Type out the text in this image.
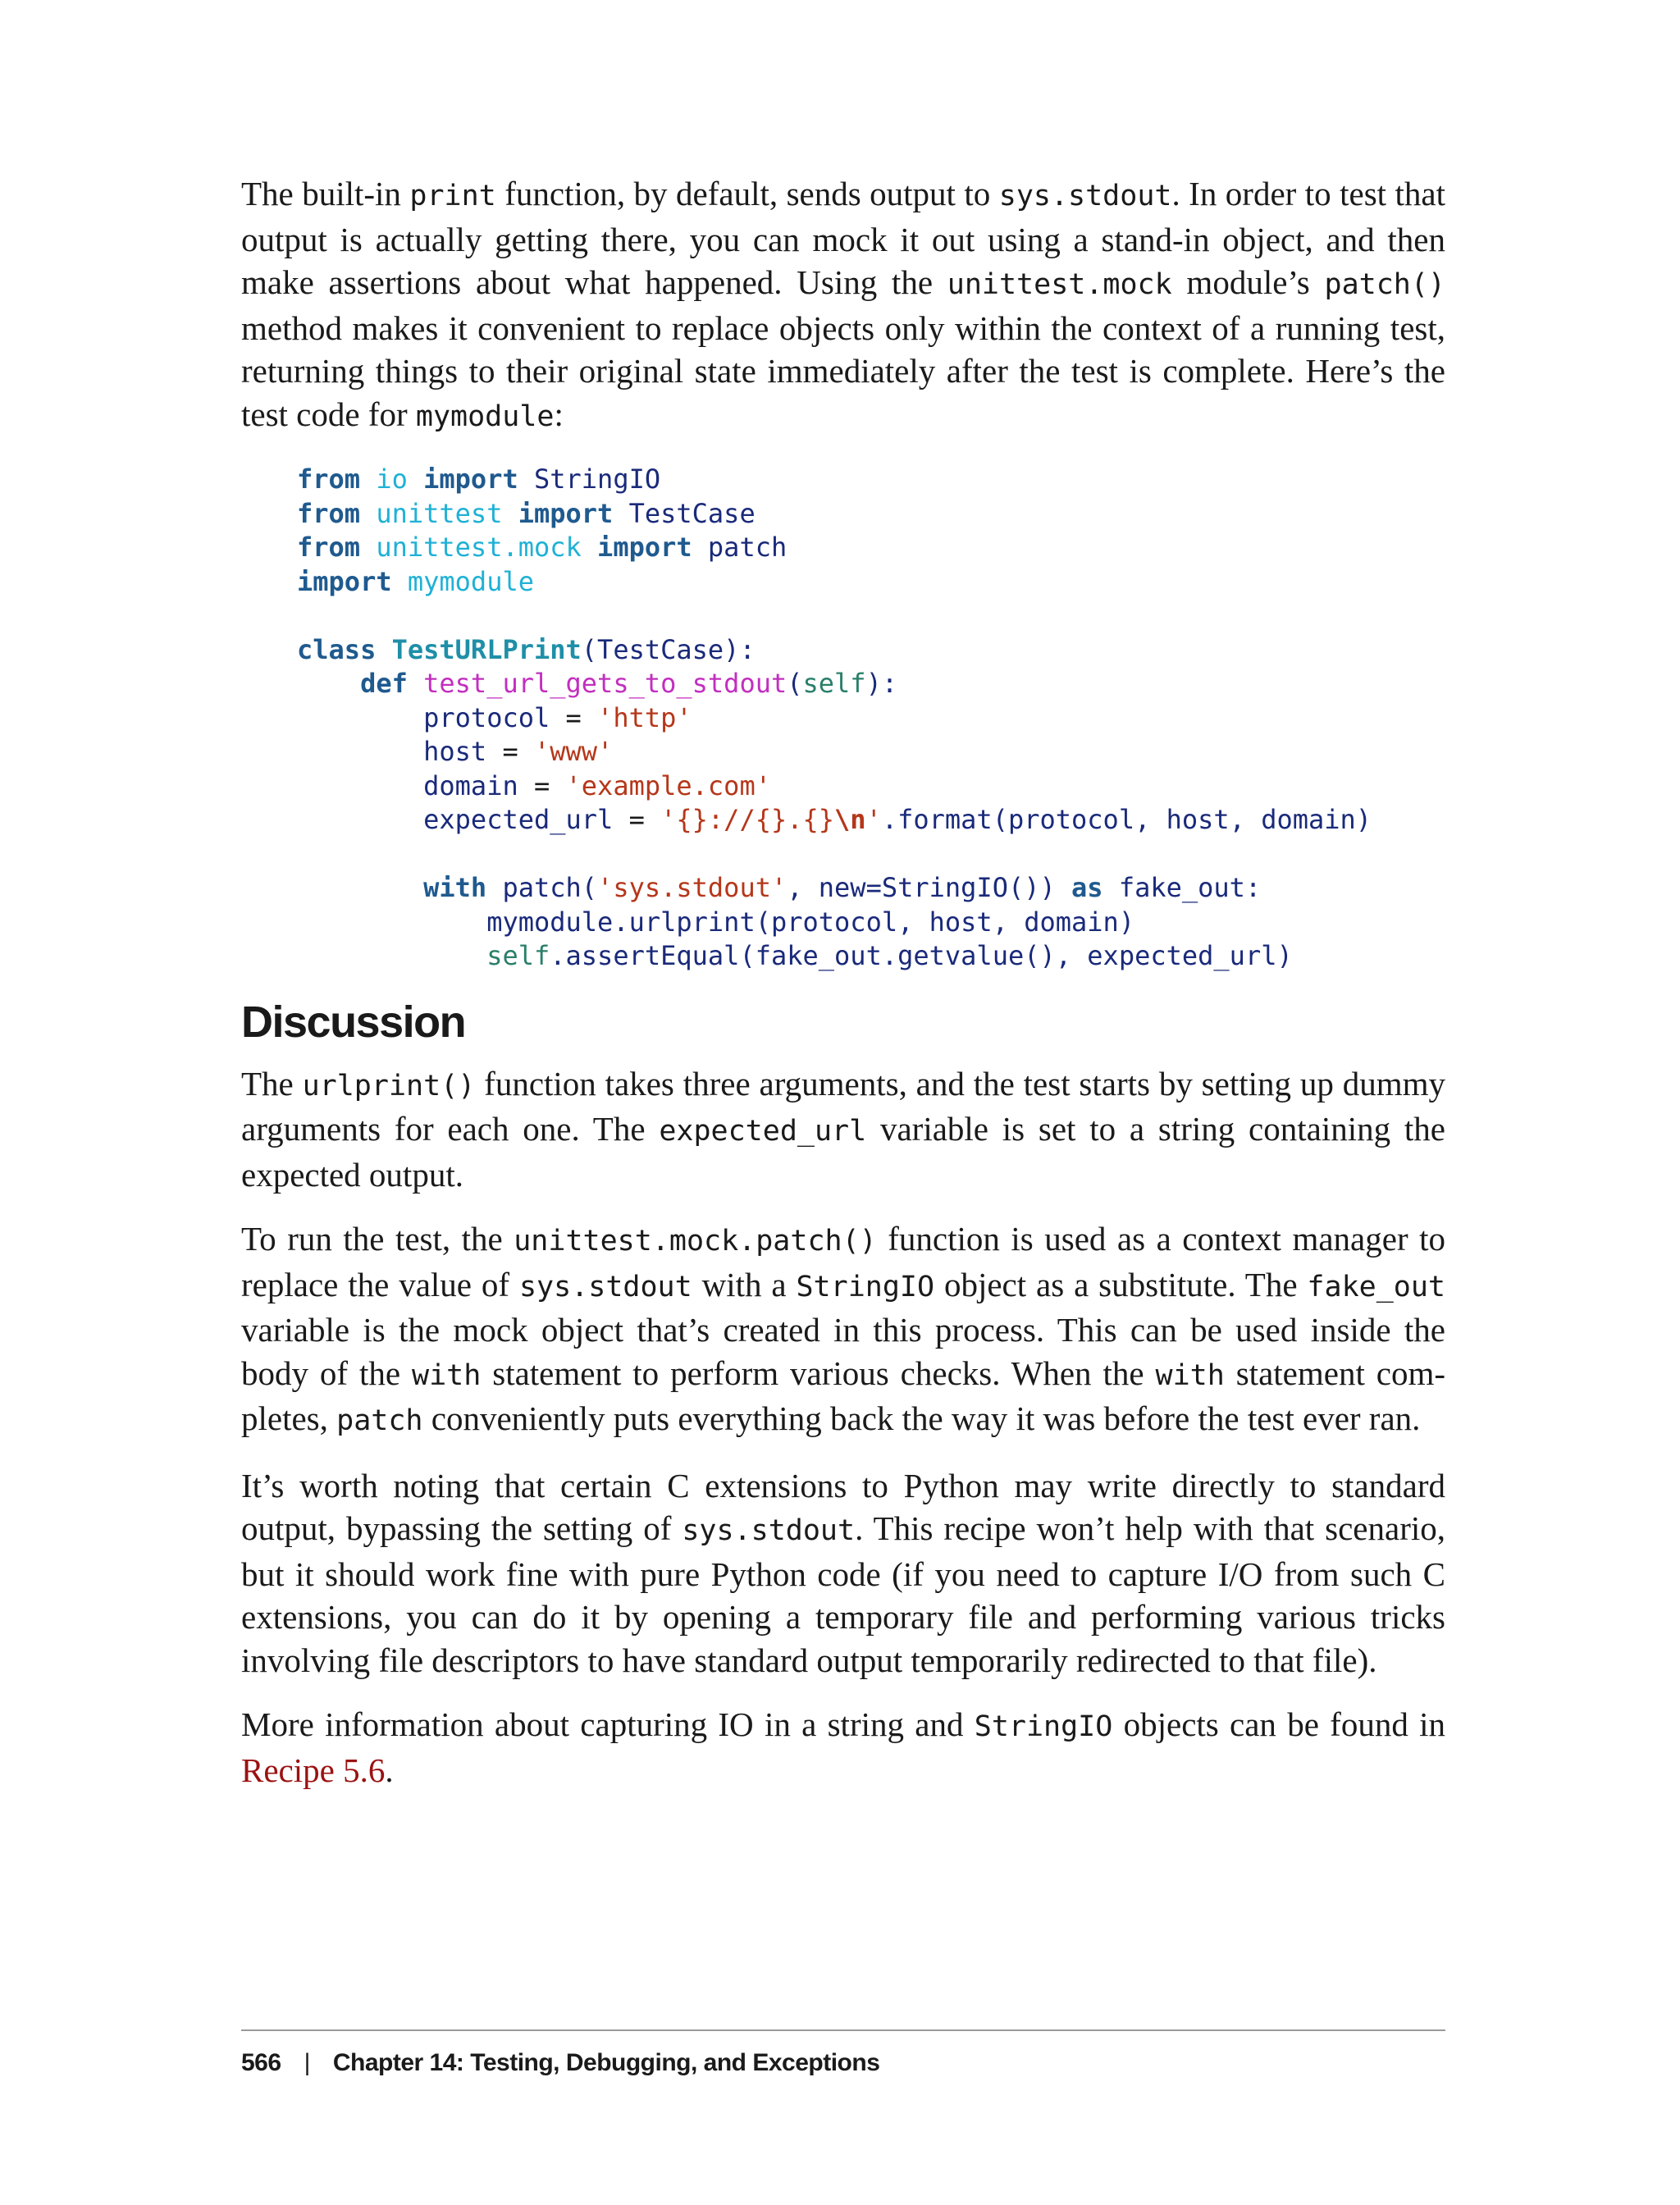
The built-in print function, by default, sends output to sys.stdout. In order to test that output is actually getting there, you can mock it out using a stand-in object, and then make assertions about what happened. Using the unittest.mock module’s patch() method makes it convenient to replace objects only within the context of a running test, returning things to their original state immediately after the test is complete. Here’s the test code for mymodule:

from io import StringIO
from unittest import TestCase
from unittest.mock import patch
import mymodule

class TestURLPrint(TestCase):
def test_url_gets_to_stdout(self):
protocol = 'http'
host = 'www'
domain = 'example.com'
expected_url = '{}://{}.{}\n'.format(protocol, host, domain)

with patch('sys.stdout', new=StringIO()) as fake_out:
mymodule.urlprint(protocol, host, domain)
self.assertEqual(fake_out.getvalue(), expected_url)
Discussion

The urlprint() function takes three arguments, and the test starts by setting up dummy arguments for each one. The expected_url variable is set to a string containing the expected output.

To run the test, the unittest.mock.patch() function is used as a context manager to replace the value of sys.stdout with a StringIO object as a substitute. The fake_out variable is the mock object that’s created in this process. This can be used inside the body of the with statement to perform various checks. When the with statement completes, patch conveniently puts everything back the way it was before the test ever ran.

It’s worth noting that certain C extensions to Python may write directly to standard output, bypassing the setting of sys.stdout. This recipe won’t help with that scenario, but it should work fine with pure Python code (if you need to capture I/O from such C extensions, you can do it by opening a temporary file and performing various tricks involving file descriptors to have standard output temporarily redirected to that file).

More information about capturing IO in a string and StringIO objects can be found in Recipe 5.6.

566 | Chapter 14: Testing, Debugging, and Exceptions
